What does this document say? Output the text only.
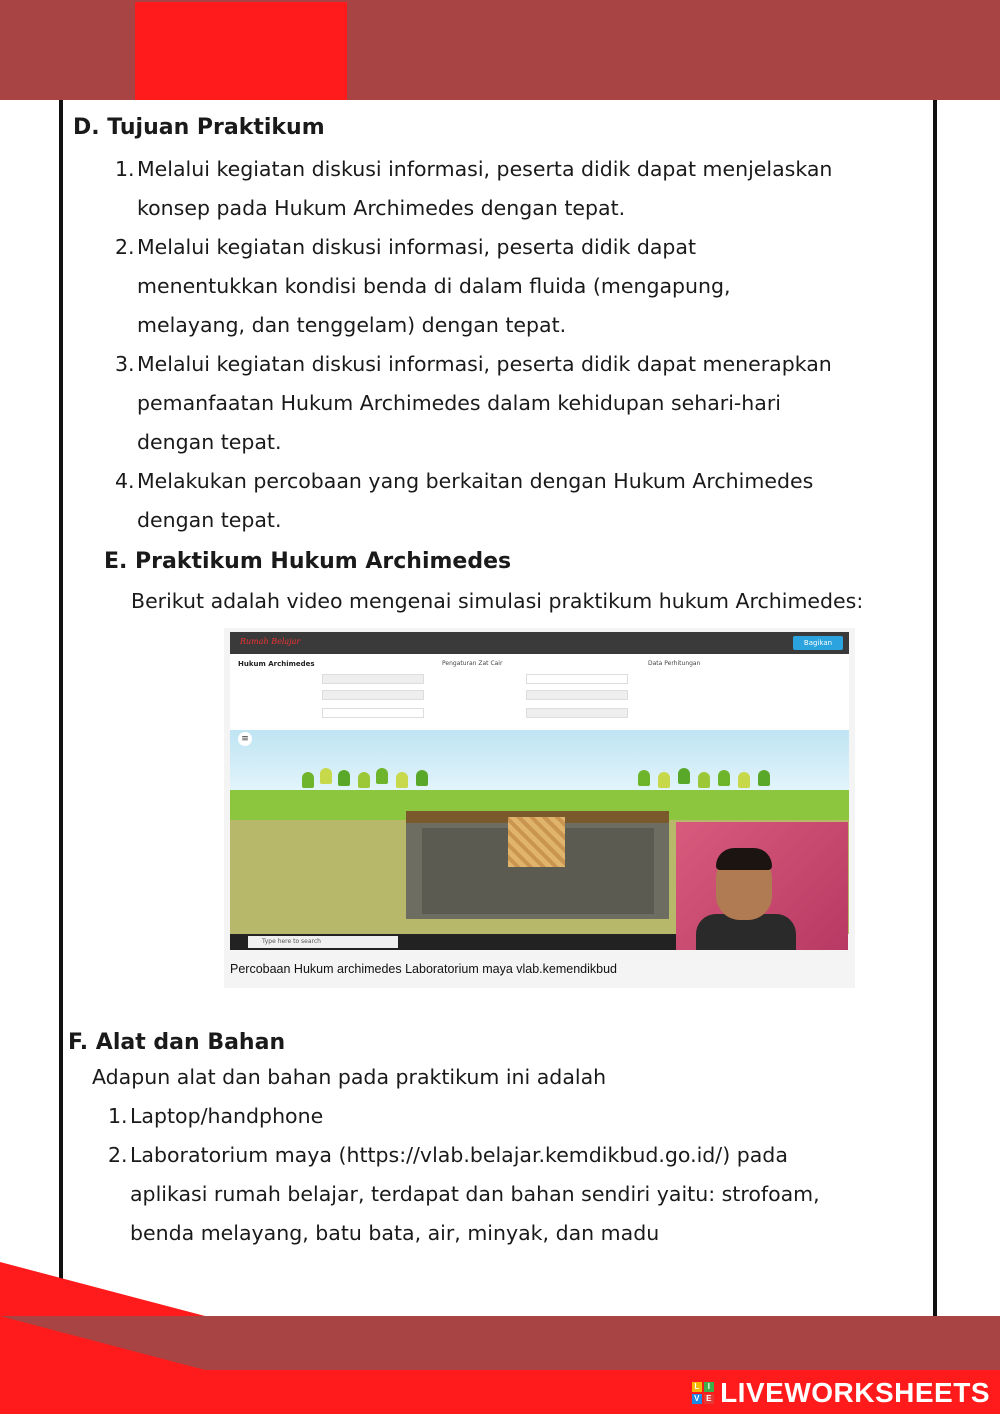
D. Tujuan Praktikum
1. Melalui kegiatan diskusi informasi, peserta didik dapat menjelaskan
konsep pada Hukum Archimedes dengan tepat.
2. Melalui kegiatan diskusi informasi, peserta didik dapat
menentukkan kondisi benda di dalam fluida (mengapung,
melayang, dan tenggelam) dengan tepat.
3. Melalui kegiatan diskusi informasi, peserta didik dapat menerapkan
pemanfaatan Hukum Archimedes dalam kehidupan sehari-hari
dengan tepat.
4. Melakukan percobaan yang berkaitan dengan Hukum Archimedes
dengan tepat.
E. Praktikum Hukum Archimedes

Berikut adalah video mengenai simulasi praktikum hukum Archimedes:

Rumah Belajar	Bagikan
Hukum Archimedes	Pengaturan Zat Cair	Data Perhitungan
≡
Type here to search
Percobaan Hukum archimedes Laboratorium maya vlab.kemendikbud
F. Alat dan Bahan

Adapun alat dan bahan pada praktikum ini adalah

1. Laptop/handphone
2. Laboratorium maya (https://vlab.belajar.kemdikbud.go.id/) pada
aplikasi rumah belajar, terdapat dan bahan sendiri yaitu: strofoam,
benda melayang, batu bata, air, minyak, dan madu
L I
V E LIVEWORKSHEETS
